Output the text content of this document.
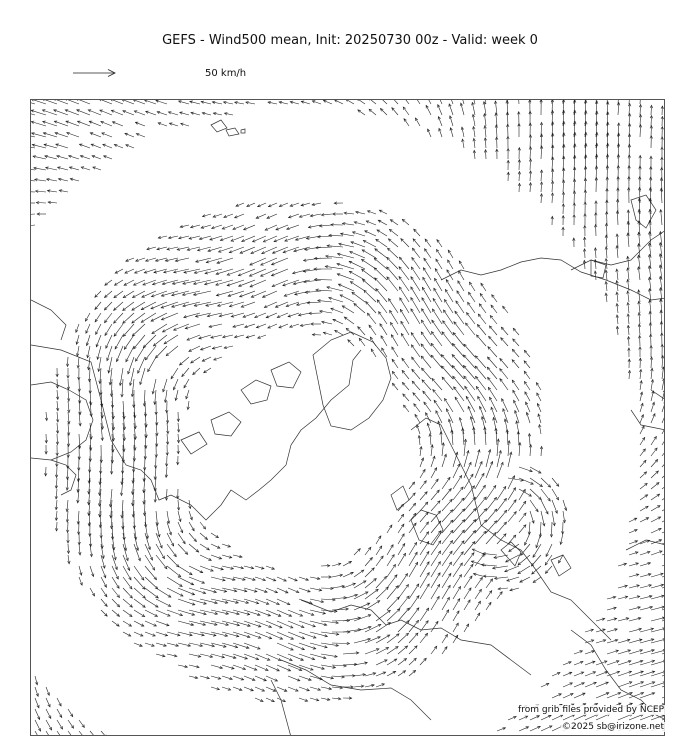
GEFS - Wind500 mean, Init: 20250730 00z - Valid: week 0
50 km/h
from grib files provided by NCEP
©2025 sb@irizone.net
